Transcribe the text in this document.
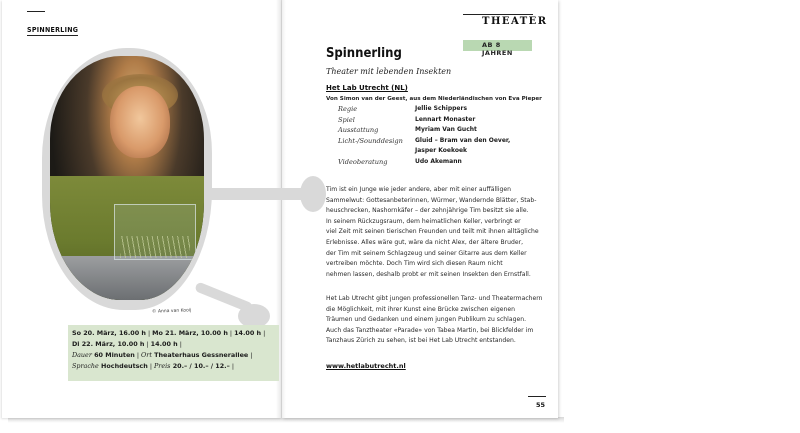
SPINNERLING
© Anna van Kooij
So 20. März, 16.00 h | Mo 21. März, 10.00 h | 14.00 h |
Di 22. März, 10.00 h | 14.00 h |
Dauer 60 Minuten | Ort Theaterhaus Gessnerallee |
Sprache Hochdeutsch | Preis 20.– / 10.– / 12.– |
THEATER
AB 8 JAHREN
Spinnerling
Theater mit lebenden Insekten
Het Lab Utrecht (NL)
Von Simon van der Geest, aus dem Niederländischen von Eva Pieper
Regie	Jellie Schippers
Spiel	Lennart Monaster
Ausstattung	Myriam Van Gucht
Licht-/Sounddesign Gluid – Bram van den Oever,
Jasper Koekoek
Videoberatung	Udo Akemann

Tim ist ein Junge wie jeder andere, aber mit einer auffälligen

Sammelwut: Gottesanbeterinnen, Würmer, Wandernde Blätter, Stab-

heuschrecken, Nashornkäfer – der zehnjährige Tim besitzt sie alle.

In seinem Rückzugsraum, dem heimatlichen Keller, verbringt er

viel Zeit mit seinen tierischen Freunden und teilt mit ihnen alltägliche

Erlebnisse. Alles wäre gut, wäre da nicht Alex, der ältere Bruder,

der Tim mit seinem Schlagzeug und seiner Gitarre aus dem Keller

vertreiben möchte. Doch Tim wird sich diesen Raum nicht

nehmen lassen, deshalb probt er mit seinen Insekten den Ernstfall.

Het Lab Utrecht gibt jungen professionellen Tanz- und Theatermachern

die Möglichkeit, mit ihrer Kunst eine Brücke zwischen eigenen

Träumen und Gedanken und einem jungen Publikum zu schlagen.

Auch das Tanztheater «Parade» von Tabea Martin, bei Blickfelder im

Tanzhaus Zürich zu sehen, ist bei Het Lab Utrecht entstanden.

www.hetlabutrecht.nl
55
